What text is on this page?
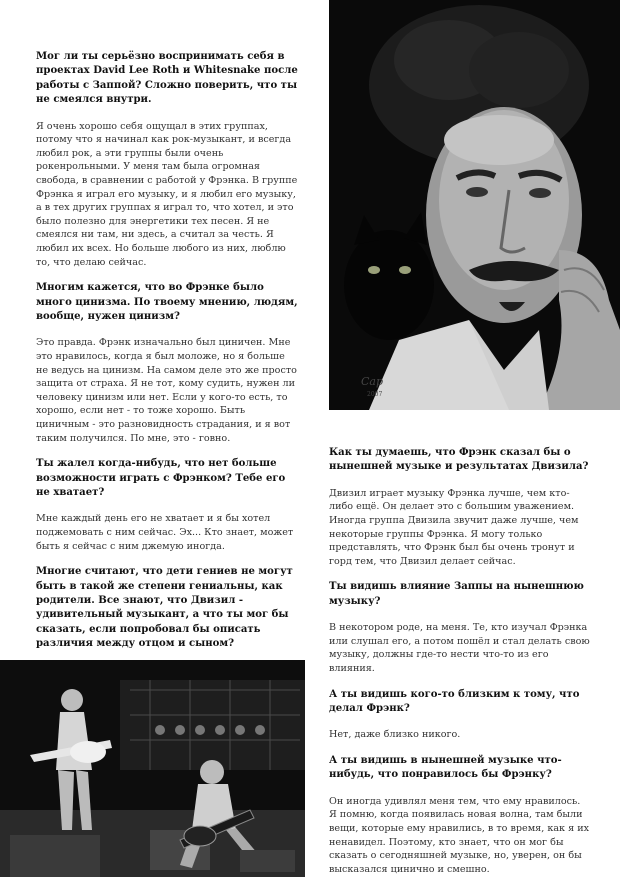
Cap
2007

Мог ли ты серьёзно воспринимать себя в проектах David Lee Roth и Whitesnake после работы с Заппой? Сложно поверить, что ты не смеялся внутри.

Я очень хорошо себя ощущал в этих группах, потому что я начинал как рок-музыкант, и всегда любил рок, а эти группы были очень рокенрольными. У меня там была огромная свобода, в сравнении с работой у Фрэнка. В группе Фрэнка я играл его музыку, и я любил его музыку, а в тех других группах я играл то, что хотел, и это было полезно для энергетики тех песен. Я не смеялся ни там, ни здесь, а считал за честь. Я любил их всех. Но больше любого из них, люблю то, что делаю сейчас.

Многим кажется, что во Фрэнке было много цинизма. По твоему мнению, людям, вообще, нужен цинизм?

Это правда. Фрэнк изначально был циничен. Мне это нравилось, когда я был моложе, но я больше не ведусь на цинизм. На самом деле это же просто защита от страха. Я не тот, кому судить, нужен ли человеку цинизм или нет. Если у кого-то есть, то хорошо, если нет - то тоже хорошо. Быть циничным - это разновидность страдания, и я вот таким получился. По мне, это - говно.

Ты жалел когда-нибудь, что нет больше возможности играть с Фрэнком? Тебе его не хватает?

Мне каждый день его не хватает и я бы хотел поджемовать с ним сейчас. Эх... Кто знает, может быть я сейчас с ним джемую иногда.

Многие считают, что дети гениев не могут быть в такой же степени гениальны, как родители. Все знают, что Двизил - удивительный музыкант, а что ты мог бы сказать, если попробовал бы описать различия между отцом и сыном?

Как ты думаешь, что Фрэнк сказал бы о нынешней музыке и результатах Двизила?

Двизил играет музыку Фрэнка лучше, чем кто-либо ещё. Он делает это с большим уважением. Иногда группа Двизила звучит даже лучше, чем некоторые группы Фрэнка. Я могу только представлять, что Фрэнк был бы очень тронут и горд тем, что Двизил делает сейчас.

Ты видишь влияние Заппы на нынешнюю музыку?

В некотором роде, на меня. Те, кто изучал Фрэнка или слушал его, а потом пошёл и стал делать свою музыку, должны где-то нести что-то из его влияния.

А ты видишь кого-то близким к тому, что делал Фрэнк?

Нет, даже близко никого.

А ты видишь в нынешней музыке что-нибудь, что понравилось бы Фрэнку?

Он иногда удивлял меня тем, что ему нравилось. Я помню, когда появилась новая волна, там были вещи, которые ему нравились, в то время, как я их ненавидел. Поэтому, кто знает, что он мог бы сказать о сегодняшней музыке, но, уверен, он бы высказался цинично и смешно.
